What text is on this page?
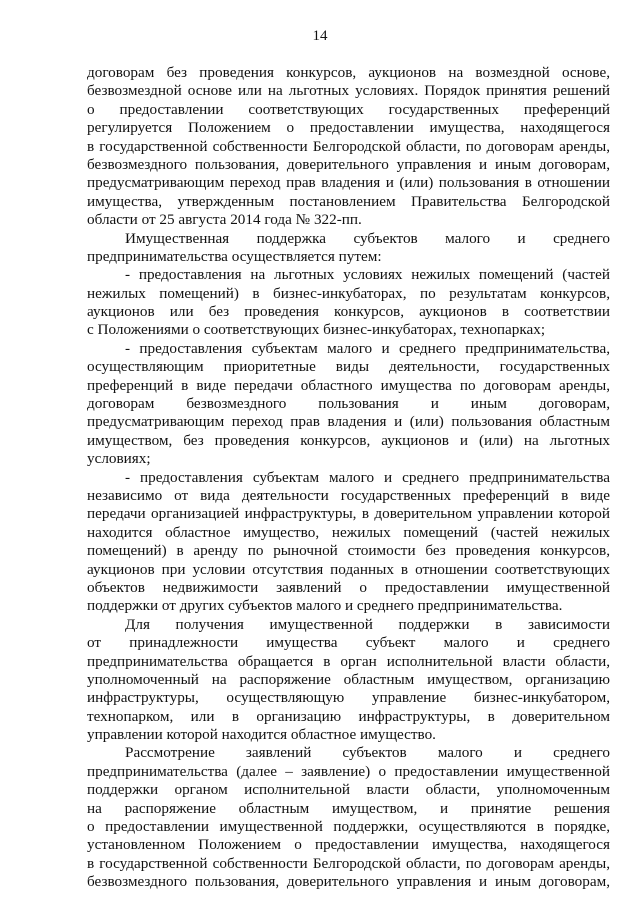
14
договорам без проведения конкурсов, аукционов на возмездной основе,
безвозмездной основе или на льготных условиях. Порядок принятия решений
о предоставлении соответствующих государственных преференций
регулируется Положением о предоставлении имущества, находящегося
в государственной собственности Белгородской области, по договорам аренды,
безвозмездного пользования, доверительного управления и иным договорам,
предусматривающим переход прав владения и (или) пользования в отношении
имущества, утвержденным постановлением Правительства Белгородской
области от 25 августа 2014 года № 322-пп.
Имущественная поддержка субъектов малого и среднего
предпринимательства осуществляется путем:
- предоставления на льготных условиях нежилых помещений (частей
нежилых помещений) в бизнес-инкубаторах, по результатам конкурсов,
аукционов или без проведения конкурсов, аукционов в соответствии
с Положениями о соответствующих бизнес-инкубаторах, технопарках;
- предоставления субъектам малого и среднего предпринимательства,
осуществляющим приоритетные виды деятельности, государственных
преференций в виде передачи областного имущества по договорам аренды,
договорам безвозмездного пользования и иным договорам,
предусматривающим переход прав владения и (или) пользования областным
имуществом, без проведения конкурсов, аукционов и (или) на льготных
условиях;
- предоставления субъектам малого и среднего предпринимательства
независимо от вида деятельности государственных преференций в виде
передачи организацией инфраструктуры, в доверительном управлении которой
находится областное имущество, нежилых помещений (частей нежилых
помещений) в аренду по рыночной стоимости без проведения конкурсов,
аукционов при условии отсутствия поданных в отношении соответствующих
объектов недвижимости заявлений о предоставлении имущественной
поддержки от других субъектов малого и среднего предпринимательства.
Для получения имущественной поддержки в зависимости
от принадлежности имущества субъект малого и среднего
предпринимательства обращается в орган исполнительной власти области,
уполномоченный на распоряжение областным имуществом, организацию
инфраструктуры, осуществляющую управление бизнес-инкубатором,
технопарком, или в организацию инфраструктуры, в доверительном
управлении которой находится областное имущество.
Рассмотрение заявлений субъектов малого и среднего
предпринимательства (далее – заявление) о предоставлении имущественной
поддержки органом исполнительной власти области, уполномоченным
на распоряжение областным имуществом, и принятие решения
о предоставлении имущественной поддержки, осуществляются в порядке,
установленном Положением о предоставлении имущества, находящегося
в государственной собственности Белгородской области, по договорам аренды,
безвозмездного пользования, доверительного управления и иным договорам,
